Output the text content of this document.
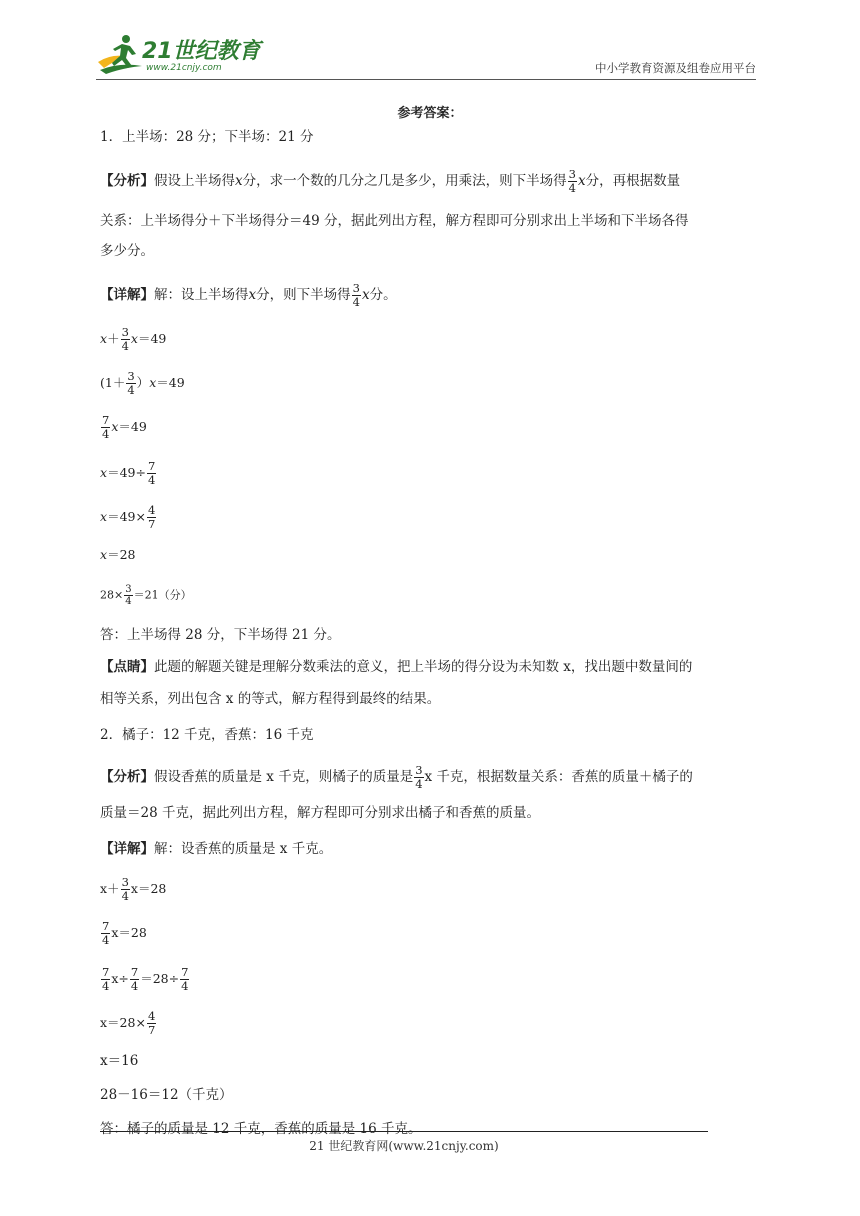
21世纪教育
www.21cnjy.com	中小学教育资源及组卷应用平台
参考答案：
1．上半场：28 分；下半场：21 分
【分析】假设上半场得x分，求一个数的几分之几是多少，用乘法，则下半场得 $\frac{3}{4}$ x分，再根据数量
关系：上半场得分＋下半场得分＝49 分，据此列出方程，解方程即可分别求出上半场和下半场各得
多少分。
【详解】解：设上半场得x分，则下半场得 $\frac{3}{4}$ x分。
$x+ \frac{3}{4} x=49$
$(1+ \frac{3}{4} )x=49$
$\frac{7}{4} x=49$
$x=49\div \frac{7}{4}$
$x=49\times \frac{4}{7}$
x＝28
$28\times \frac{3}{4} =21$（分）
答：上半场得 28 分，下半场得 21 分。
【点睛】此题的解题关键是理解分数乘法的意义，把上半场的得分设为未知数 x，找出题中数量间的
相等关系，列出包含 x 的等式，解方程得到最终的结果。
2．橘子：12 千克，香蕉：16 千克
【分析】假设香蕉的质量是 x 千克，则橘子的质量是 $\frac{3}{4}$ x 千克，根据数量关系：香蕉的质量＋橘子的
质量＝28 千克，据此列出方程，解方程即可分别求出橘子和香蕉的质量。
【详解】解：设香蕉的质量是 x 千克。
$x+ \frac{3}{4} x=28$
$\frac{7}{4} x=28$
$\frac{7}{4} x\div \frac{7}{4} =28\div \frac{7}{4}$
$x=28\times \frac{4}{7}$
x＝16
28－16＝12（千克）
答：橘子的质量是 12 千克，香蕉的质量是 16 千克。
21 世纪教育网(www.21cnjy.com)
